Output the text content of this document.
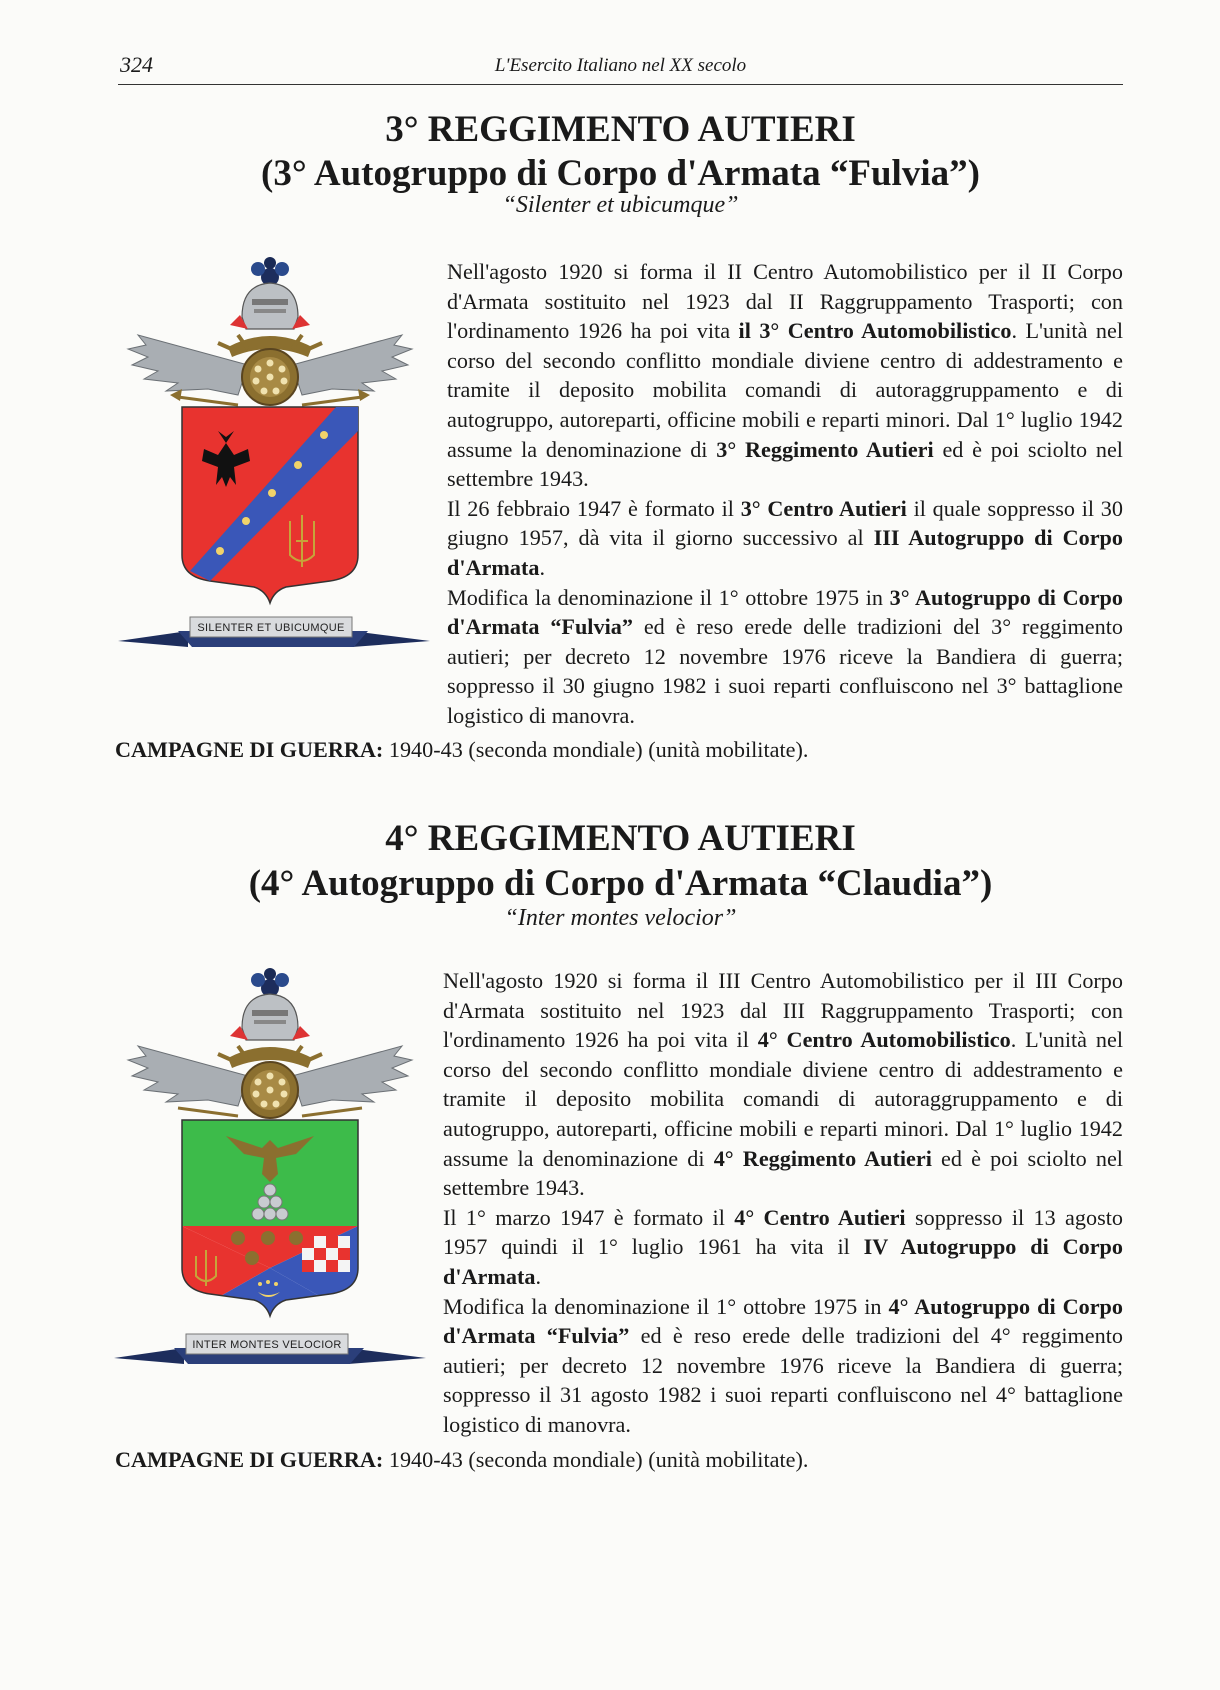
324	L'Esercito Italiano nel XX secolo
3° REGGIMENTO AUTIERI
(3° Autogruppo di Corpo d'Armata “Fulvia”)
“Silenter et ubicumque”
SILENTER ET UBICUMQUE

Nell'agosto 1920 si forma il II Centro Automobilistico per il II Corpo d'Armata sostituito nel 1923 dal II Raggruppamento Trasporti; con l'ordinamento 1926 ha poi vita il 3° Centro Automobilistico. L'unità nel corso del secondo conflitto mondiale diviene centro di addestramento e tramite il deposito mobilita comandi di autoraggruppamento e di autogruppo, autoreparti, officine mobili e reparti minori. Dal 1° luglio 1942 assume la denominazione di 3° Reggimento Autieri ed è poi sciolto nel settembre 1943.

Il 26 febbraio 1947 è formato il 3° Centro Autieri il quale soppresso il 30 giugno 1957, dà vita il giorno successivo al III Autogruppo di Corpo d'Armata.

Modifica la denominazione il 1° ottobre 1975 in 3° Autogruppo di Corpo d'Armata “Fulvia” ed è reso erede delle tradizioni del 3° reggimento autieri; per decreto 12 novembre 1976 riceve la Bandiera di guerra; soppresso il 30 giugno 1982 i suoi reparti confluiscono nel 3° battaglione logistico di manovra.

CAMPAGNE DI GUERRA: 1940-43 (seconda mondiale) (unità mobilitate).
4° REGGIMENTO AUTIERI
(4° Autogruppo di Corpo d'Armata “Claudia”)
“Inter montes velocior”
INTER MONTES VELOCIOR

Nell'agosto 1920 si forma il III Centro Automobilistico per il III Corpo d'Armata sostituito nel 1923 dal III Raggruppamento Trasporti; con l'ordinamento 1926 ha poi vita il 4° Centro Automobilistico. L'unità nel corso del secondo conflitto mondiale diviene centro di addestramento e tramite il deposito mobilita comandi di autoraggruppamento e di autogruppo, autoreparti, officine mobili e reparti minori. Dal 1° luglio 1942 assume la denominazione di 4° Reggimento Autieri ed è poi sciolto nel settembre 1943.

Il 1° marzo 1947 è formato il 4° Centro Autieri soppresso il 13 agosto 1957 quindi il 1° luglio 1961 ha vita il IV Autogruppo di Corpo d'Armata.

Modifica la denominazione il 1° ottobre 1975 in 4° Autogruppo di Corpo d'Armata “Fulvia” ed è reso erede delle tradizioni del 4° reggimento autieri; per decreto 12 novembre 1976 riceve la Bandiera di guerra; soppresso il 31 agosto 1982 i suoi reparti confluiscono nel 4° battaglione logistico di manovra.

CAMPAGNE DI GUERRA: 1940-43 (seconda mondiale) (unità mobilitate).
